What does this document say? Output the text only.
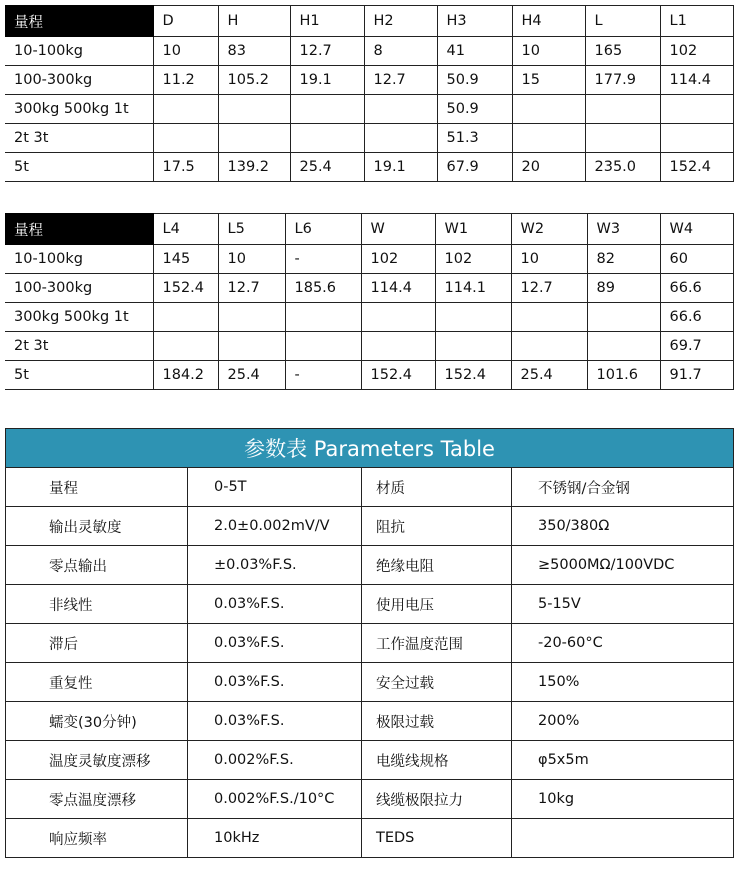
量程	D	H	H1	H2	H3	H4	L	L1
10-100kg	10	83	12.7	8	41	10	165	102
100-300kg	11.2	105.2	19.1	12.7	50.9	15	177.9	114.4
300kg 500kg 1t					50.9			
2t 3t					51.3			
5t	17.5	139.2	25.4	19.1	67.9	20	235.0	152.4
量程	L4	L5	L6	W	W1	W2	W3	W4
10-100kg	145	10	-	102	102	10	82	60
100-300kg	152.4	12.7	185.6	114.4	114.1	12.7	89	66.6
300kg 500kg 1t								66.6
2t 3t								69.7
5t	184.2	25.4	-	152.4	152.4	25.4	101.6	91.7
参数表 Parameters Table			
量程	0-5T	材质	不锈钢/合金钢
输出灵敏度	2.0±0.002mV/V	阻抗	350/380Ω
零点输出	±0.03%F.S.	绝缘电阻	≥5000MΩ/100VDC
非线性	0.03%F.S.	使用电压	5-15V
滞后	0.03%F.S.	工作温度范围	-20-60°C
重复性	0.03%F.S.	安全过载	150%
蠕变(30分钟)	0.03%F.S.	极限过载	200%
温度灵敏度漂移	0.002%F.S.	电缆线规格	φ5x5m
零点温度漂移	0.002%F.S./10°C	线缆极限拉力	10kg
响应频率	10kHz	TEDS	
